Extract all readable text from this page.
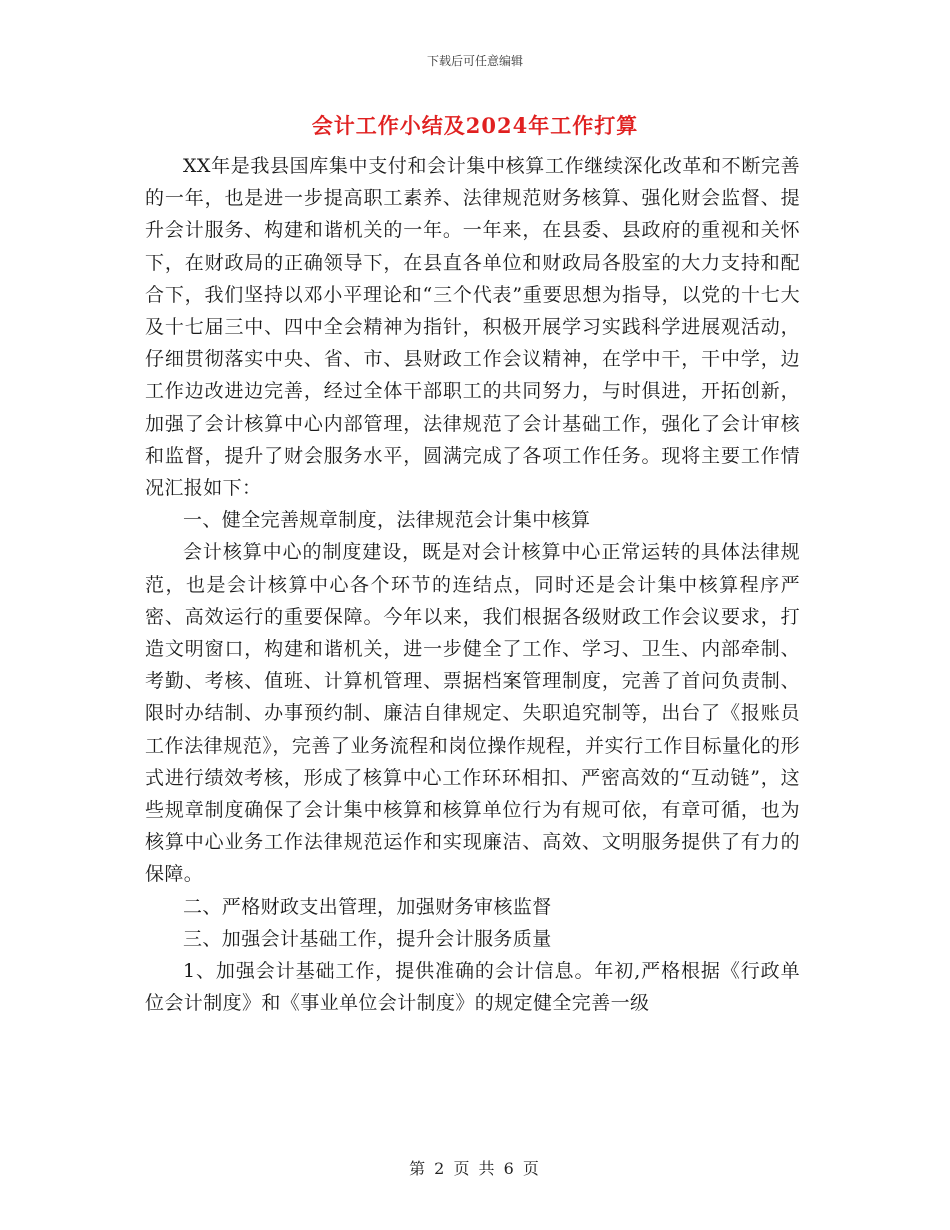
下载后可任意编辑
会计工作小结及2024年工作打算

XX年是我县国库集中支付和会计集中核算工作继续深化改革和不断完善的一年，也是进一步提高职工素养、法律规范财务核算、强化财会监督、提升会计服务、构建和谐机关的一年。一年来，在县委、县政府的重视和关怀下，在财政局的正确领导下，在县直各单位和财政局各股室的大力支持和配合下，我们坚持以邓小平理论和“三个代表”重要思想为指导，以党的十七大及十七届三中、四中全会精神为指针，积极开展学习实践科学进展观活动，仔细贯彻落实中央、省、市、县财政工作会议精神，在学中干，干中学，边工作边改进边完善，经过全体干部职工的共同努力，与时俱进，开拓创新，加强了会计核算中心内部管理，法律规范了会计基础工作，强化了会计审核和监督，提升了财会服务水平，圆满完成了各项工作任务。现将主要工作情况汇报如下：

一、健全完善规章制度，法律规范会计集中核算

会计核算中心的制度建设，既是对会计核算中心正常运转的具体法律规范，也是会计核算中心各个环节的连结点，同时还是会计集中核算程序严密、高效运行的重要保障。今年以来，我们根据各级财政工作会议要求，打造文明窗口，构建和谐机关，进一步健全了工作、学习、卫生、内部牵制、考勤、考核、值班、计算机管理、票据档案管理制度，完善了首问负责制、限时办结制、办事预约制、廉洁自律规定、失职追究制等，出台了《报账员工作法律规范》，完善了业务流程和岗位操作规程，并实行工作目标量化的形式进行绩效考核，形成了核算中心工作环环相扣、严密高效的“互动链”，这些规章制度确保了会计集中核算和核算单位行为有规可依，有章可循，也为核算中心业务工作法律规范运作和实现廉洁、高效、文明服务提供了有力的保障。

二、严格财政支出管理，加强财务审核监督

三、加强会计基础工作，提升会计服务质量

1、加强会计基础工作，提供准确的会计信息。年初,严格根据《行政单位会计制度》和《事业单位会计制度》的规定健全完善一级

第 2 页 共 6 页
